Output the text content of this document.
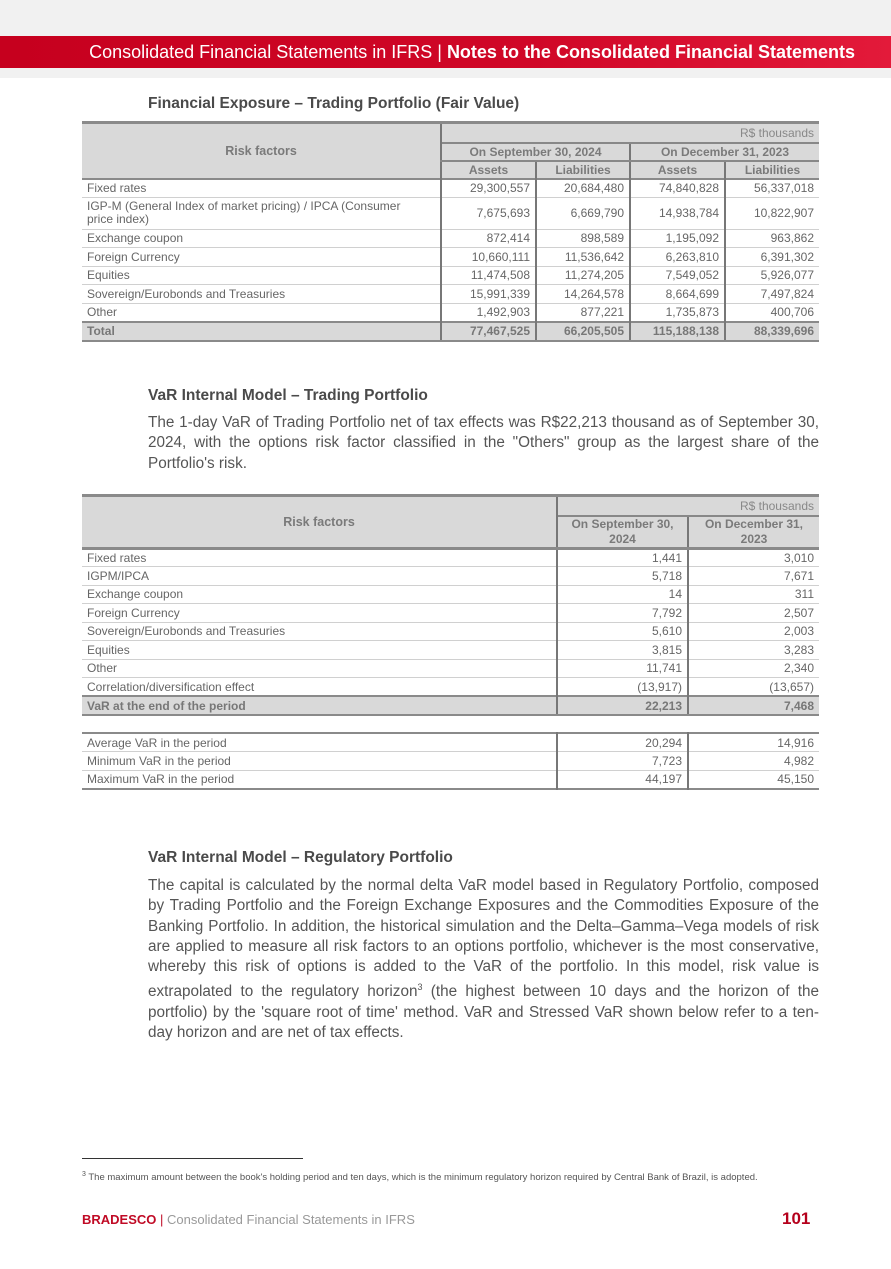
Consolidated Financial Statements in IFRS | Notes to the Consolidated Financial Statements
Financial Exposure – Trading Portfolio (Fair Value)
Risk factors	R$ thousands			
	On September 30, 2024		On December 31, 2023	
	Assets	Liabilities	Assets	Liabilities
Fixed rates	29,300,557	20,684,480	74,840,828	56,337,018
IGP-M (General Index of market pricing) / IPCA (Consumer price index)	7,675,693	6,669,790	14,938,784	10,822,907
Exchange coupon	872,414	898,589	1,195,092	963,862
Foreign Currency	10,660,111	11,536,642	6,263,810	6,391,302
Equities	11,474,508	11,274,205	7,549,052	5,926,077
Sovereign/Eurobonds and Treasuries	15,991,339	14,264,578	8,664,699	7,497,824
Other	1,492,903	877,221	1,735,873	400,706
Total	77,467,525	66,205,505	115,188,138	88,339,696
VaR Internal Model – Trading Portfolio
The 1-day VaR of Trading Portfolio net of tax effects was R$22,213 thousand as of September 30, 2024, with the options risk factor classified in the "Others" group as the largest share of the Portfolio's risk.
Risk factors	R$ thousands	
	On September 30, 2024	On December 31, 2023
Fixed rates	1,441	3,010
IGPM/IPCA	5,718	7,671
Exchange coupon	14	311
Foreign Currency	7,792	2,507
Sovereign/Eurobonds and Treasuries	5,610	2,003
Equities	3,815	3,283
Other	11,741	2,340
Correlation/diversification effect	(13,917)	(13,657)
VaR at the end of the period	22,213	7,468
Average VaR in the period	20,294	14,916
Minimum VaR in the period	7,723	4,982
Maximum VaR in the period	44,197	45,150
VaR Internal Model – Regulatory Portfolio
The capital is calculated by the normal delta VaR model based in Regulatory Portfolio, composed by Trading Portfolio and the Foreign Exchange Exposures and the Commodities Exposure of the Banking Portfolio. In addition, the historical simulation and the Delta–Gamma–Vega models of risk are applied to measure all risk factors to an options portfolio, whichever is the most conservative, whereby this risk of options is added to the VaR of the portfolio. In this model, risk value is extrapolated to the regulatory horizon$^3$ (the highest between 10 days and the horizon of the portfolio) by the 'square root of time' method. VaR and Stressed VaR shown below refer to a ten-day horizon and are net of tax effects.
$^3$ The maximum amount between the book's holding period and ten days, which is the minimum regulatory horizon required by Central Bank of Brazil, is adopted.
BRADESCO | Consolidated Financial Statements in IFRS	101
